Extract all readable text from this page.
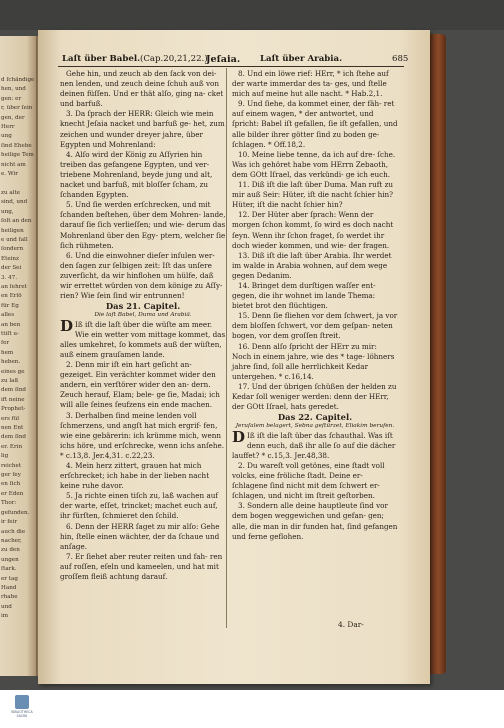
d ſchändige
hen, und
gen: er
r, über ſein
gen, der
Herr
ung
ſind Ehebe
heilige Tem
nicht am
e. Wir

zu alte
sind, und
ung,
ſolt an den
heiligen
e und fall
ſondern
Eteinz
der Sei
3. 47.
an ſehret
en Erlö
für Eg
alles
an ben
ttiſt u-
fer
hem
heben.
eines ge
zu laß
dem ſind
ift neine
Prophet-
ers fül
nen Ent
dem ſind
er. Erin
lig
reichet
ger ſey
en ſich
er Eden
Thor:
gefunden.
ir feir
auch die
nacher,
zu den
ungen
ſtark.
er tag
Hand
rhabe
und
im
Laſt über Babel. (Cap.20,21,22.)
Jeſaia. Laſt über Arabia.	685

Gehe hin, und zeuch ab den ſack von dei- nen lenden, und zeuch deine ſchuh auß von deinen füſſen. Und er thät alſo, ging na- cket und barfuß.

3. Da ſprach der HERR: Gleich wie mein knecht Jeſaia nacket und barfuß ge- het, zum zeichen und wunder dreyer jahre, über Egypten und Mohrenland:

4. Alſo wird der König zu Aſſyrien hin treiben das gefangene Egypten, und ver- triebene Mohrenland, beyde jung und alt, nacket und barfuß, mit bloſſer ſcham, zu ſchanden Egypten.

5. Und ſie werden erſchrecken, und mit ſchanden beſtehen, über dem Mohren- lande, darauf ſie ſich verlieſſen; und wie- derum das Mohrenland über den Egy- ptern, welcher ſie ſich rühmeten.

6. Und die einwohner dieſer inſulen wer- den ſagen zur ſelbigen zeit: Iſt das unſere zuverſicht, da wir hinflohen um hülfe, daß wir errettet würden von dem könige zu Aſſy- rien? Wie ſein ſind wir entrunnen!

Das 21. Capitel.

Die laſt Babel, Duma und Arabiä.

D Iß iſt die laſt über die wüſte am meer. Wie ein wetter vom mittage kommet, das alles umkehret, ſo kommets auß der wüſten, auß einem grauſamen lande.

2. Denn mir iſt ein hart geſicht an- gezeiget. Ein verächter kommet wider den andern, ein verſtörer wider den an- dern. Zeuch herauf, Elam; bele- ge ſie, Madai; ich will alle ſeines ſeufzens ein ende machen.

3. Derhalben ſind meine lenden voll ſchmerzens, und angſt hat mich ergrif- fen, wie eine gebärerin: ich krümme mich, wenn ichs höre, und erſchrecke, wenn ichs anſehe. * c.13,8. Jer.4,31. c.22,23.

4. Mein herz zittert, grauen hat mich erſchrecket; ich habe in der lieben nacht keine ruhe davor.

5. Ja richte einen tiſch zu, laß wachen auf der warte, eſſet, trincket; machet euch auf, ihr fürſten, ſchmieret den ſchild.

6. Denn der HERR ſaget zu mir alſo: Gehe hin, ſtelle einen wächter, der da ſchaue und anſage.

7. Er ſiehet aber reuter reiten und fah- ren auf roſſen, eſeln und kameelen, und hat mit groſſem fleiß achtung darauf.

8. Und ein löwe rief: HErr, * ich ſtehe auf der warte immerdar des ta- ges, und ſtelle mich auf meine hut alle nacht. * Hab.2,1.

9. Und ſiehe, da kommet einer, der fäh- ret auf einem wagen, * der antwortet, und ſpricht: Babel iſt gefallen, ſie iſt gefallen, und alle bilder ihrer götter ſind zu boden ge- ſchlagen. * Off.18,2.

10. Meine liebe tenne, da ich auf dre- ſche. Was ich gehöret habe vom HErrn Zebaoth, dem GOtt Iſrael, das verkündi- ge ich euch.

11. Diß iſt die laſt über Duma. Man ruft zu mir auß Seir: Hüter, iſt die nacht ſchier hin? Hüter, iſt die nacht ſchier hin?

12. Der Hüter aber ſprach: Wenn der morgen ſchon kommt, ſo wird es doch nacht ſeyn. Wenn ihr ſchon fraget, ſo werdet ihr doch wieder kommen, und wie- der fragen.

13. Diß iſt die laſt über Arabia. Ihr werdet im walde in Arabia wohnen, auf dem wege gegen Dedanim.

14. Bringet dem durſtigen waſſer ent- gegen, die ihr wohnet im lande Thema: bietet brot den flüchtigen.

15. Denn ſie fliehen vor dem ſchwert, ja vor dem bloſſen ſchwert, vor dem geſpan- neten bogen, vor dem groſſen ſtreit.

16. Denn alſo ſpricht der HErr zu mir: Noch in einem jahre, wie des * tage- löhners jahre ſind, ſoll alle herrlichkeit Kedar untergehen. * c.16,14.

17. Und der übrigen ſchüßen der helden zu Kedar ſoll weniger werden: denn der HErr, der GOtt Iſrael, hats geredet.

Das 22. Capitel.

Jeruſalem belagert, Sebna geſtürzet, Eliakim berufen.

D Iß iſt die laſt über das ſchauthal. Was iſt denn euch, daß ihr alle ſo auf die dächer lauffet? * c.15,3. Jer.48,38.

2. Du wareſt voll getönes, eine ſtadt voll volcks, eine fröliche ſtadt. Deine er- ſchlagene ſind nicht mit dem ſchwert er- ſchlagen, und nicht im ſtreit geſtorben.

3. Sondern alle deine hauptleute ſind vor dem bogen weggewichen und gefan- gen; alle, die man in dir funden hat, ſind gefangen und ferne geflohen.

4. Dar-
BIBLIOTHECA SACRA
